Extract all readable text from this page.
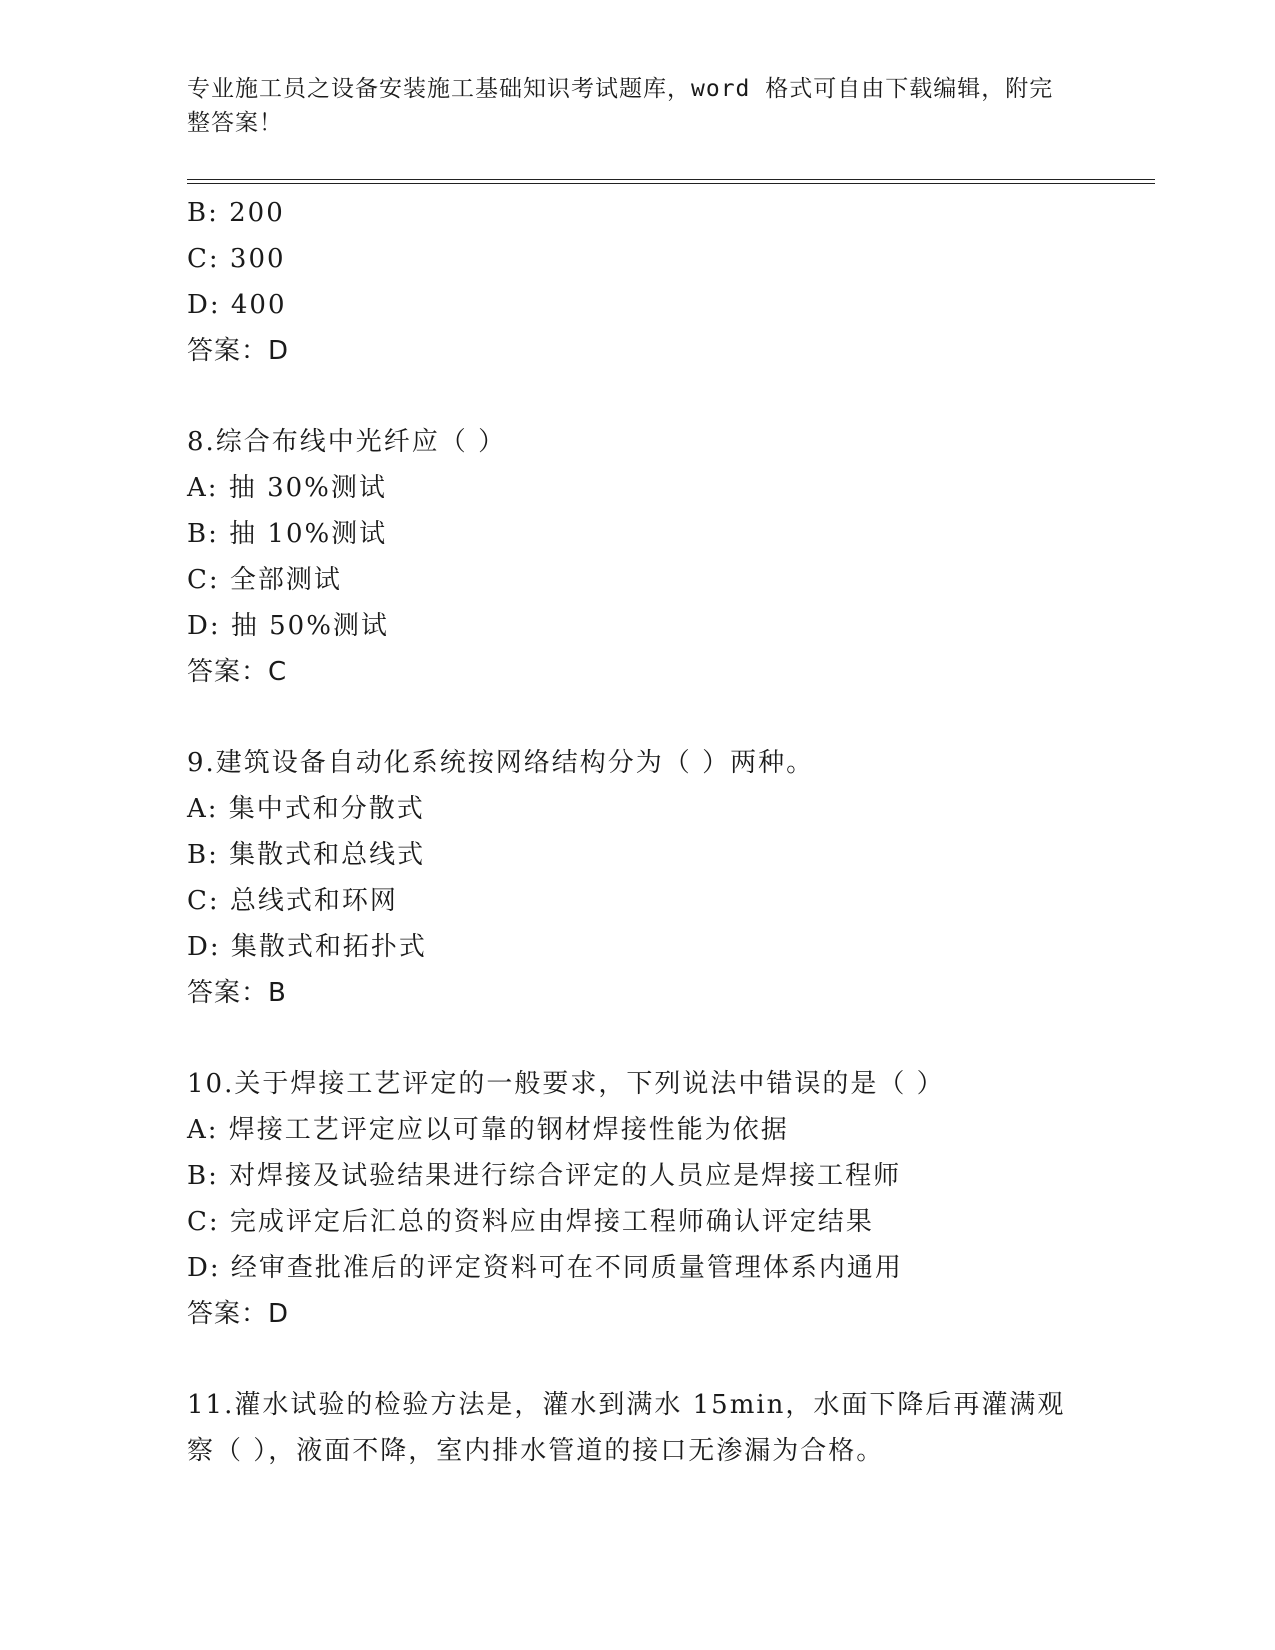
专业施工员之设备安装施工基础知识考试题库，word 格式可自由下载编辑，附完
整答案！
B: 200
C: 300
D: 400
答案：D
8.综合布线中光纤应（ ）
A: 抽 30%测试
B: 抽 10%测试
C: 全部测试
D: 抽 50%测试
答案：C
9.建筑设备自动化系统按网络结构分为（ ）两种。
A: 集中式和分散式
B: 集散式和总线式
C: 总线式和环网
D: 集散式和拓扑式
答案：B
10.关于焊接工艺评定的一般要求，下列说法中错误的是（ ）
A: 焊接工艺评定应以可靠的钢材焊接性能为依据
B: 对焊接及试验结果进行综合评定的人员应是焊接工程师
C: 完成评定后汇总的资料应由焊接工程师确认评定结果
D: 经审查批准后的评定资料可在不同质量管理体系内通用
答案：D
11.灌水试验的检验方法是，灌水到满水 15min，水面下降后再灌满观
察（ ），液面不降，室内排水管道的接口无渗漏为合格。
